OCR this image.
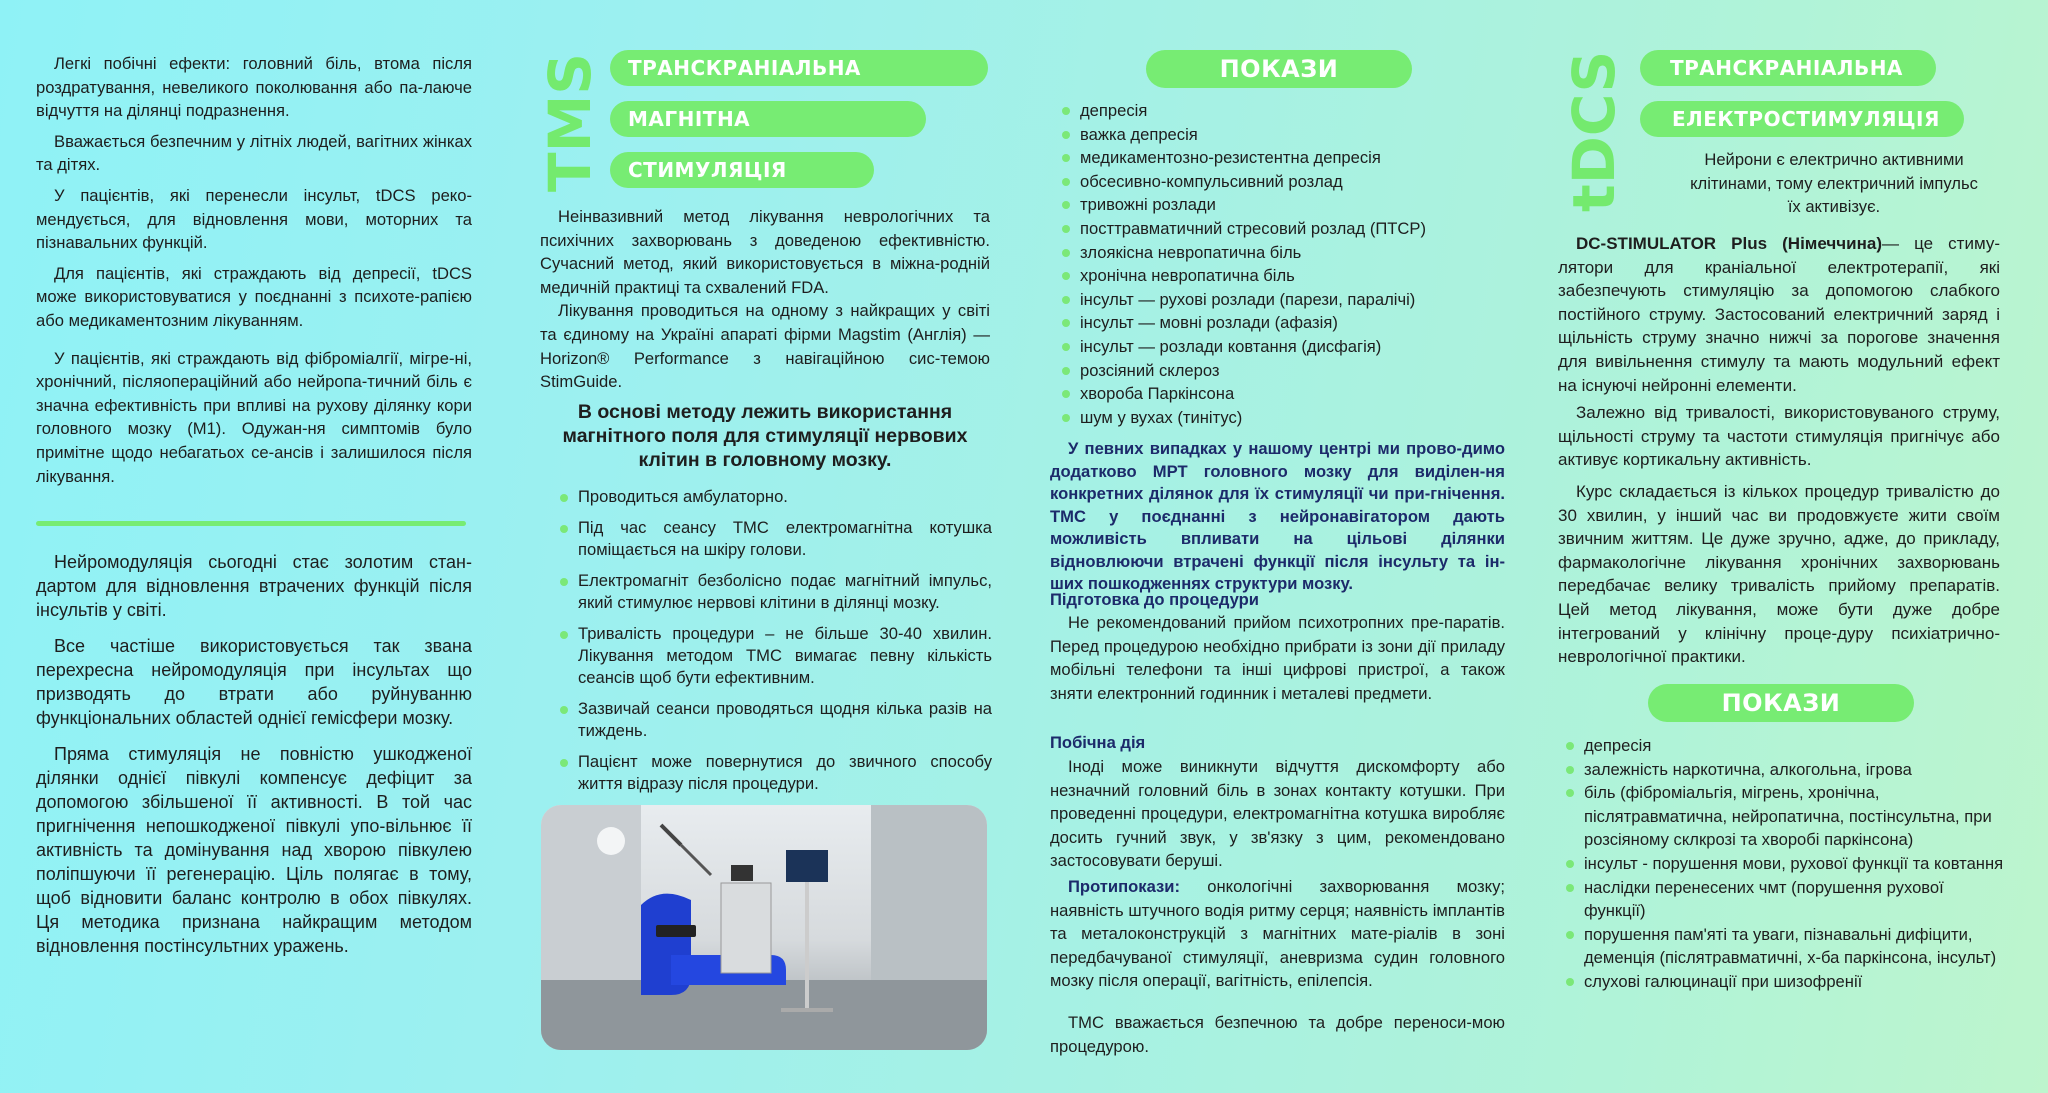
Легкі побічні ефекти: головний біль, втома після роздратування, невеликого поколювання або па-лаюче відчуття на ділянці подразнення.

Вважається безпечним у літніх людей, вагітних жінках та дітях.

У пацієнтів, які перенесли інсульт, tDCS реко-мендується, для відновлення мови, моторних та пізнавальних функцій.

Для пацієнтів, які страждають від депресії, tDCS може використовуватися у поєднанні з психоте-рапією або медикаментозним лікуванням.

У пацієнтів, які страждають від фіброміалгії, мігре-ні, хронічний, післяопераційний або нейропа-тичний біль є значна ефективність при впливі на рухову ділянку кори головного мозку (М1). Одужан-ня симптомів було примітне щодо небагатьох се-ансів і залишилося після лікування.

Нейромодуляція сьогодні стає золотим стан-дартом для відновлення втрачених функцій після інсультів у світі.

Все частіше використовується так звана перехресна нейромодуляція при інсультах що призводять до втрати або руйнуванню функціональних областей однієї гемісфери мозку.

Пряма стимуляція не повністю ушкодженої ділянки однієї півкулі компенсує дефіцит за допомогою збільшеної її активності. В той час пригнічення непошкодженої півкулі упо-вільнює її активність та домінування над хворою півкулею поліпшуючи її регенерацію. Ціль полягає в тому, щоб відновити баланс контролю в обох півкулях. Ця методика признана найкращим методом відновлення постінсультних уражень.

TMS	ТРАНСКРАНІАЛЬНА
МАГНІТНА
СТИМУЛЯЦІЯ

Неінвазивний метод лікування неврологічних та психічних захворювань з доведеною ефективністю. Сучасний метод, який використовується в міжна-родній медичній практиці та схвалений FDA.

Лікування проводиться на одному з найкращих у світі та єдиному на Україні апараті фірми Magstim (Англія) — Horizon® Performance з навігаційною сис-темою StimGuide.

В основі методу лежить використання магнітного поля для стимуляції нервових клітин в головному мозку.
Проводиться амбулаторно.
Під час сеансу ТМС електромагнітна котушка поміщається на шкіру голови.
Електромагніт безболісно подає магнітний імпульс, який стимулює нервові клітини в ділянці мозку.
Тривалість процедури – не більше 30-40 хвилин. Лікування методом ТМС вимагає певну кількість сеансів щоб бути ефективним.
Зазвичай сеанси проводяться щодня кілька разів на тиждень.
Пацієнт може повернутися до звичного способу життя відразу після процедури.
ПОКАЗИ
депресія
важка депресія
медикаментозно-резистентна депресія
обсесивно-компульсивний розлад
тривожні розлади
посттравматичний стресовий розлад (ПТСР)
злоякісна невропатична біль
хронічна невропатична біль
інсульт — рухові розлади (парези, паралічі)
інсульт — мовні розлади (афазія)
інсульт — розлади ковтання (дисфагія)
розсіяний склероз
хвороба Паркінсона
шум у вухах (тинітус)

У певних випадках у нашому центрі ми прово-димо додатково МРТ головного мозку для виділен-ня конкретних ділянок для їх стимуляції чи при-гнічення. ТМС у поєднанні з нейронавігатором дають можливість впливати на цільові ділянки відновлюючи втрачені функції після інсульту та ін-ших пошкодженнях структури мозку.

Підготовка до процедури

Не рекомендований прийом психотропних пре-паратів. Перед процедурою необхідно прибрати із зони дії приладу мобільні телефони та інші цифрові пристрої, а також зняти електронний годинник і металеві предмети.

Побічна дія

Іноді може виникнути відчуття дискомфорту або незначний головний біль в зонах контакту котушки. При проведенні процедури, електромагнітна котушка виробляє досить гучний звук, у зв'язку з цим, рекомендовано застосовувати беруші.

Протипокази: онкологічні захворювання мозку; наявність штучного водія ритму серця; наявність імплантів та металоконструкцій з магнітних мате-ріалів в зоні передбачуваної стимуляції, аневризма судин головного мозку після операції, вагітність, епілепсія.

ТМС вважається безпечною та добре переноси-мою процедурою.

tDCS	ТРАНСКРАНІАЛЬНА
ЕЛЕКТРОСТИМУЛЯЦІЯ

Нейрони є електрично активними клітинами, тому електричний імпульс їх активізує.

DC-STIMULATOR Plus (Німеччина)— це стиму-лятори для краніальної електротерапії, які забезпечують стимуляцію за допомогою слабкого постійного струму. Застосований електричний заряд і щільність струму значно нижчі за порогове значення для вивільнення стимулу та мають модульний ефект на існуючі нейронні елементи.

Залежно від тривалості, використовуваного струму, щільності струму та частоти стимуляція пригнічує або активує кортикальну активність.

Курс складається із кількох процедур тривалістю до 30 хвилин, у інший час ви продовжуєте жити своїм звичним життям. Це дуже зручно, адже, до прикладу, фармакологічне лікування хронічних захворювань передбачає велику тривалість прийому препаратів. Цей метод лікування, може бути дуже добре інтегрований у клінічну проце-дуру психіатрично-неврологічної практики.

ПОКАЗИ
депресія
залежність наркотична, алкогольна, ігрова
біль (фіброміальгія, мігрень, хронічна, післятравматична, нейропатична, постінсультна, при розсіяному склкрозі та хворобі паркінсона)
інсульт - порушення мови, рухової функції та ковтання
наслідки перенесених чмт (порушення рухової функції)
порушення пам'яті та уваги, пізнавальні дифіцити, деменція (післятравматичні, х-ба паркінсона, інсульт)
слухові галюцинації при шизофренії
